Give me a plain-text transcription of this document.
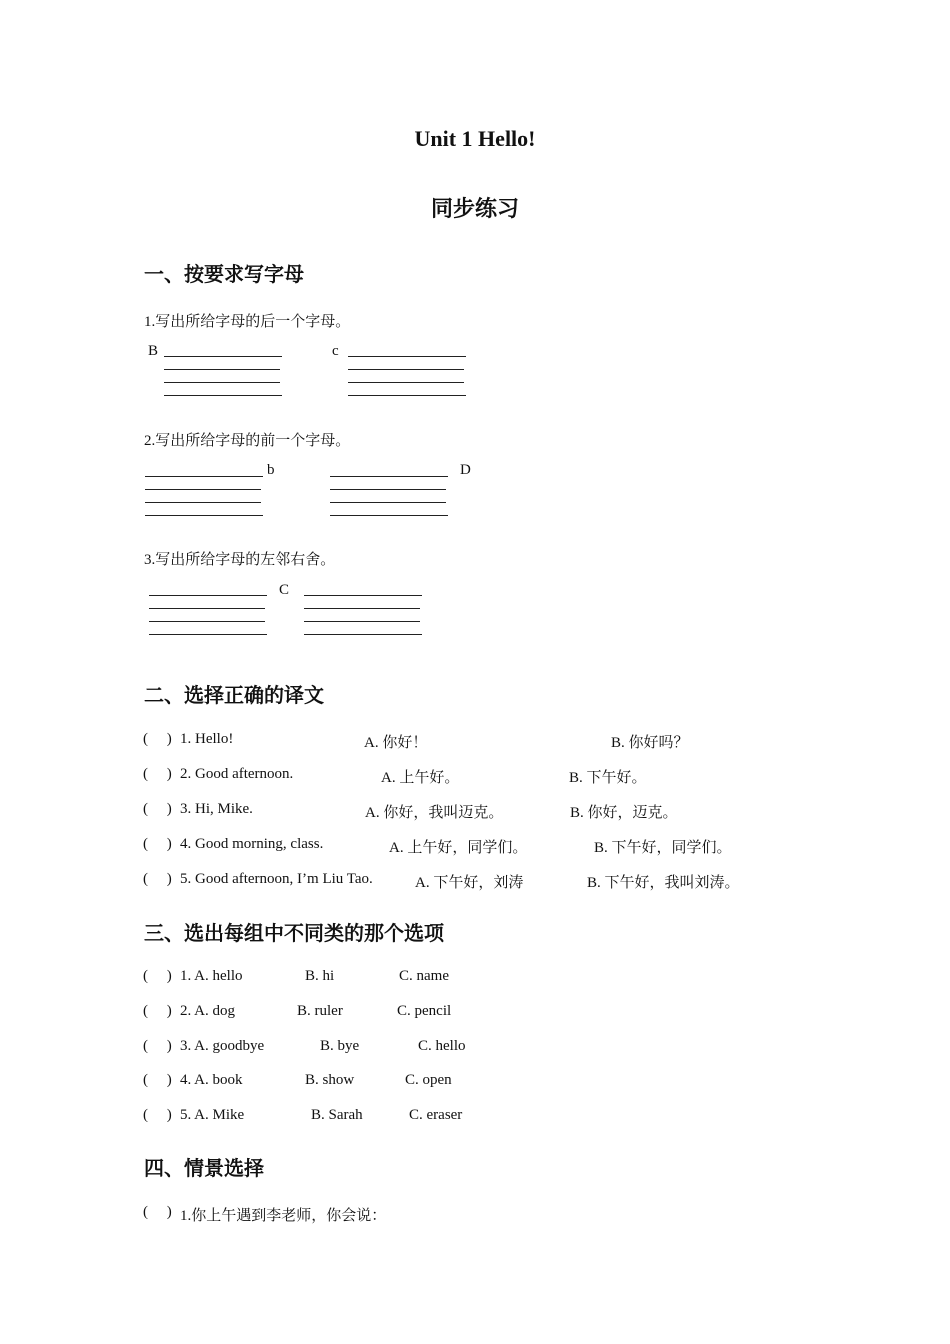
Unit 1 Hello!
同步练习
一、按要求写字母
1.写出所给字母的后一个字母。
B	c
2.写出所给字母的前一个字母。
b	D
3.写出所给字母的左邻右舍。
C
二、选择正确的译文
(     ) 1. Hello!	A. 你好！	B. 你好吗？
(     ) 2. Good afternoon.	A. 上午好。	B. 下午好。
(     ) 3. Hi, Mike.	A. 你好，我叫迈克。	B. 你好，迈克。
(     ) 4. Good morning, class.	A. 上午好，同学们。	B. 下午好，同学们。
(     ) 5. Good afternoon, I’m Liu Tao.	A. 下午好，刘涛	B. 下午好，我叫刘涛。
三、选出每组中不同类的那个选项
(     ) 1. A. hello	B. hi	C. name
(     ) 2. A. dog	B. ruler	C. pencil
(     ) 3. A. goodbye	B. bye	C. hello
(     ) 4. A. book	B. show	C. open
(     ) 5. A. Mike	B. Sarah	C. eraser
四、情景选择
(     ) 1.你上午遇到李老师，你会说：
